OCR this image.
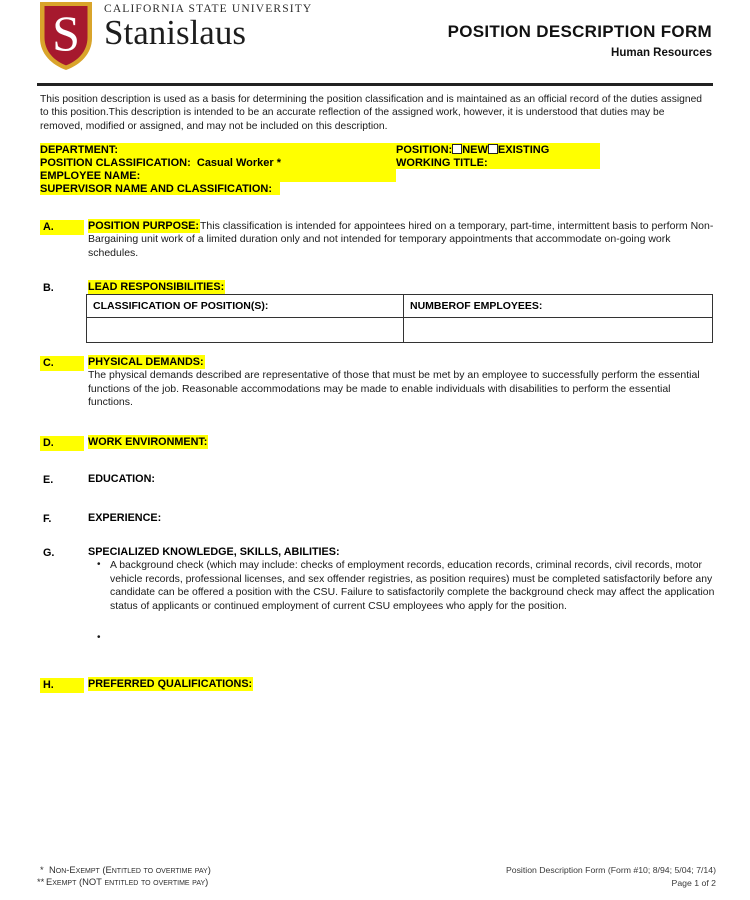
S CALIFORNIA STATE UNIVERSITY
Stanislaus	POSITION DESCRIPTION FORM
Human Resources
This position description is used as a basis for determining the position classification and is maintained as an official record of the duties assigned to this position.This description is intended to be an accurate reflection of the assigned work, however, it is understood that duties may be removed, modified or assigned, and may not be included on this description.
DEPARTMENT:	POSITION: NEW EXISTING
POSITION CLASSIFICATION: Casual Worker *	WORKING TITLE:
EMPLOYEE NAME:
SUPERVISOR NAME AND CLASSIFICATION:
A.	POSITION PURPOSE:This classification is intended for appointees hired on a temporary, part-time, intermittent basis to perform Non-Bargaining unit work of a limited duration only and not intended for temporary appointments that accommodate on-going work schedules.
B.	LEAD RESPONSIBILITIES:
CLASSIFICATION OF POSITION(S):	NUMBEROF EMPLOYEES:

C.	PHYSICAL DEMANDS:
The physical demands described are representative of those that must be met by an employee to successfully perform the essential functions of the job. Reasonable accommodations may be made to enable individuals with disabilities to perform the essential functions.
D.	WORK ENVIRONMENT:
E.	EDUCATION:
F.	EXPERIENCE:
G.	SPECIALIZED KNOWLEDGE, SKILLS, ABILITIES:
• A background check (which may include: checks of employment records, education records, criminal records, civil records, motor vehicle records, professional licenses, and sex offender registries, as position requires) must be completed satisfactorily before any candidate can be offered a position with the CSU. Failure to satisfactorily complete the background check may affect the application status of applicants or continued employment of current CSU employees who apply for the position.
•
H.	PREFERRED QUALIFICATIONS:
* Non-Exempt (Entitled to overtime pay)
** Exempt (NOT entitled to overtime pay)
Position Description Form (Form #10; 8/94; 5/04; 7/14)
Page 1 of 2
